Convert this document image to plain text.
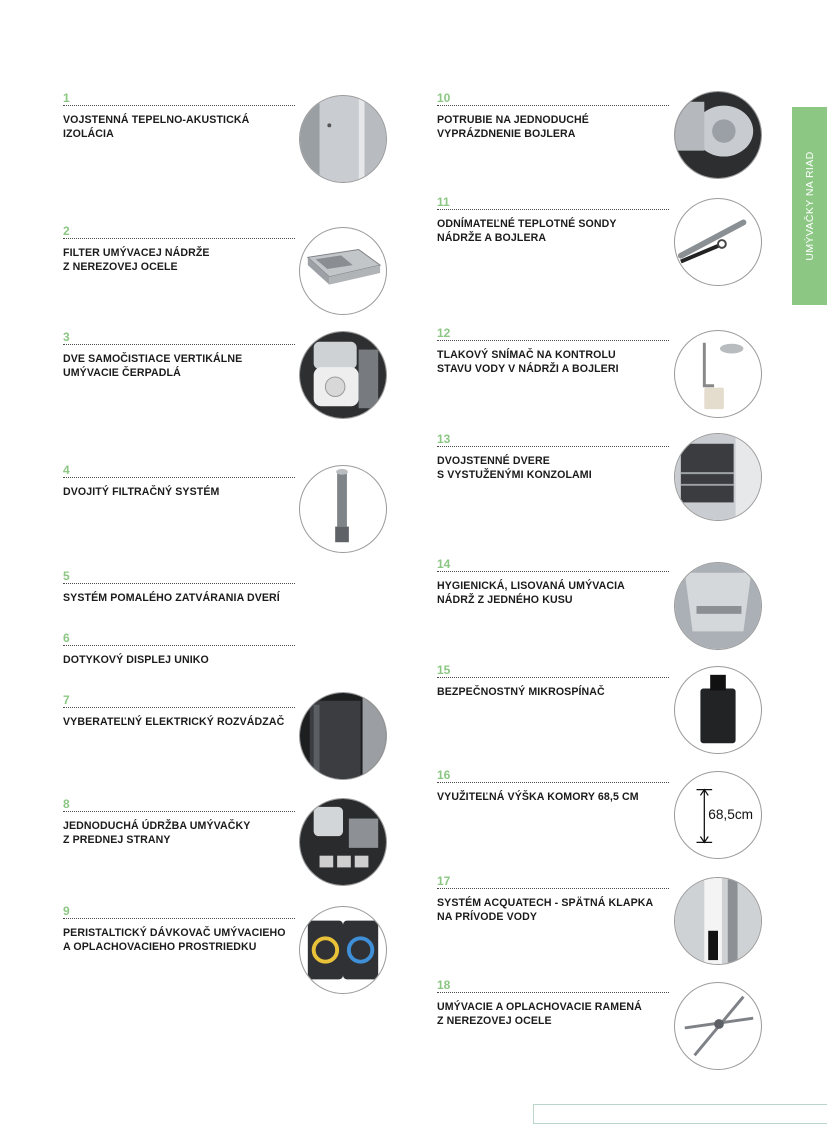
UMÝVAČKY NA RIAD
1
VOJSTENNÁ TEPELNO-AKUSTICKÁ
IZOLÁCIA
2
FILTER UMÝVACEJ NÁDRŽE
Z NEREZOVEJ OCELE
3
DVE SAMOČISTIACE VERTIKÁLNE
UMÝVACIE ČERPADLÁ
4
DVOJITÝ FILTRAČNÝ SYSTÉM
5
SYSTÉM POMALÉHO ZATVÁRANIA DVERÍ
6
DOTYKOVÝ DISPLEJ UNIKO
7
VYBERATEĽNÝ ELEKTRICKÝ ROZVÁDZAČ
8
JEDNODUCHÁ ÚDRŽBA UMÝVAČKY
Z PREDNEJ STRANY
9
PERISTALTICKÝ DÁVKOVAČ UMÝVACIEHO
A OPLACHOVACIEHO PROSTRIEDKU
10
POTRUBIE NA JEDNODUCHÉ
VYPRÁZDNENIE BOJLERA
11
ODNÍMATEĽNÉ TEPLOTNÉ SONDY
NÁDRŽE A BOJLERA
12
TLAKOVÝ SNÍMAČ NA KONTROLU
STAVU VODY V NÁDRŽI A BOJLERI
13
DVOJSTENNÉ DVERE
S VYSTUŽENÝMI KONZOLAMI
14
HYGIENICKÁ, LISOVANÁ UMÝVACIA
NÁDRŽ Z JEDNÉHO KUSU
15
BEZPEČNOSTNÝ MIKROSPÍNAČ
16
VYUŽITEĽNÁ VÝŠKA KOMORY 68,5 CM
68,5cm
17
SYSTÉM ACQUATECH - SPÄTNÁ KLAPKA
NA PRÍVODE VODY
18
UMÝVACIE A OPLACHOVACIE RAMENÁ
Z NEREZOVEJ OCELE
